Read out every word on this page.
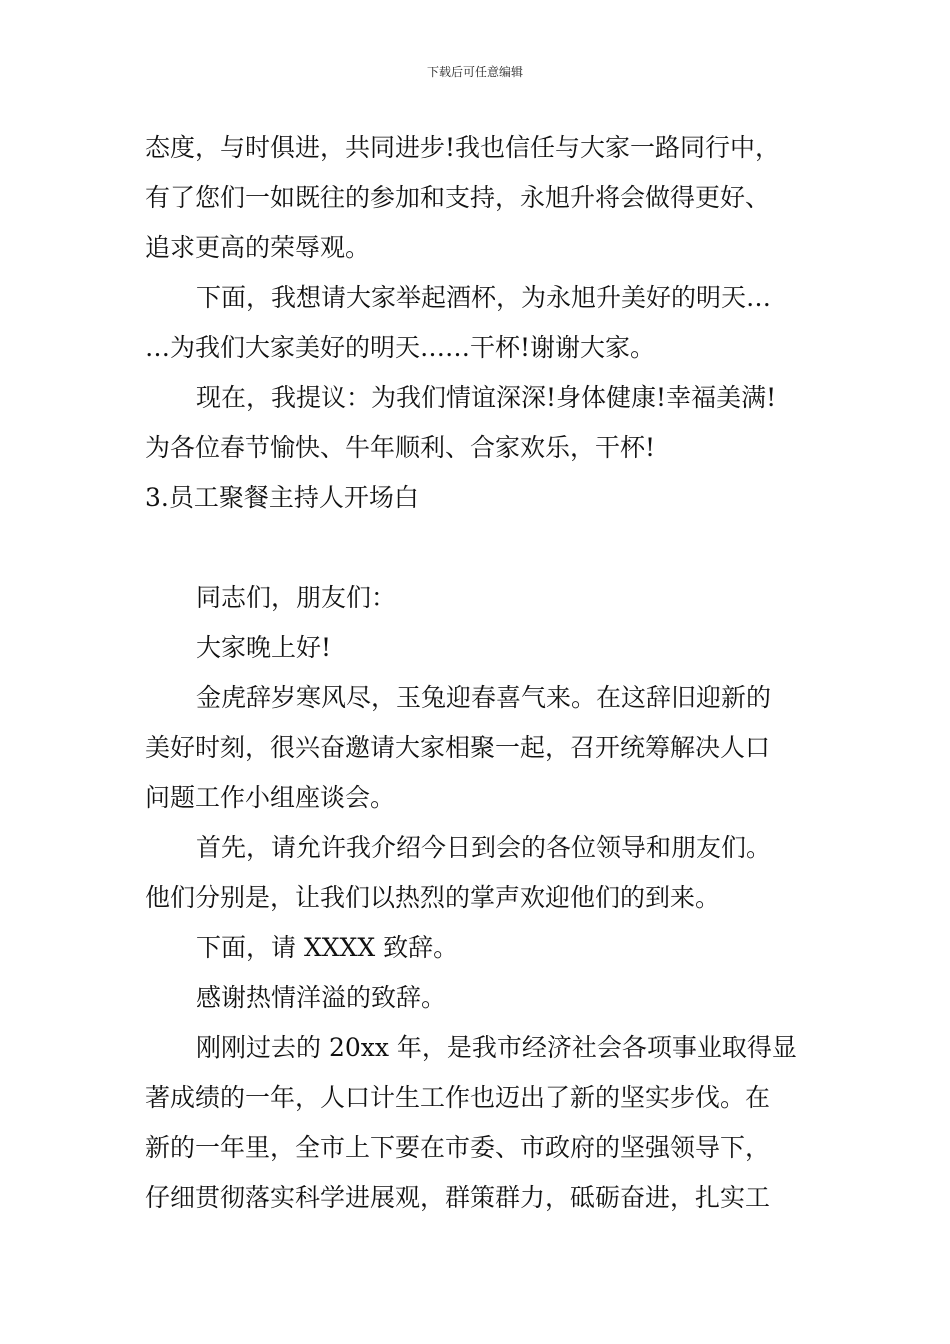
下载后可任意编辑
态度，与时俱进，共同进步!我也信任与大家一路同行中，
有了您们一如既往的参加和支持，永旭升将会做得更好、
追求更高的荣辱观。
下面，我想请大家举起酒杯，为永旭升美好的明天…
…为我们大家美好的明天……干杯!谢谢大家。
现在，我提议：为我们情谊深深!身体健康!幸福美满!
为各位春节愉快、牛年顺利、合家欢乐，干杯!
3.员工聚餐主持人开场白
同志们，朋友们：
大家晚上好!
金虎辞岁寒风尽，玉兔迎春喜气来。在这辞旧迎新的
美好时刻，很兴奋邀请大家相聚一起，召开统筹解决人口
问题工作小组座谈会。
首先，请允许我介绍今日到会的各位领导和朋友们。
他们分别是，让我们以热烈的掌声欢迎他们的到来。
下面，请 XXXX 致辞。
感谢热情洋溢的致辞。
刚刚过去的 20xx 年，是我市经济社会各项事业取得显
著成绩的一年，人口计生工作也迈出了新的坚实步伐。在
新的一年里，全市上下要在市委、市政府的坚强领导下，
仔细贯彻落实科学进展观，群策群力，砥砺奋进，扎实工
